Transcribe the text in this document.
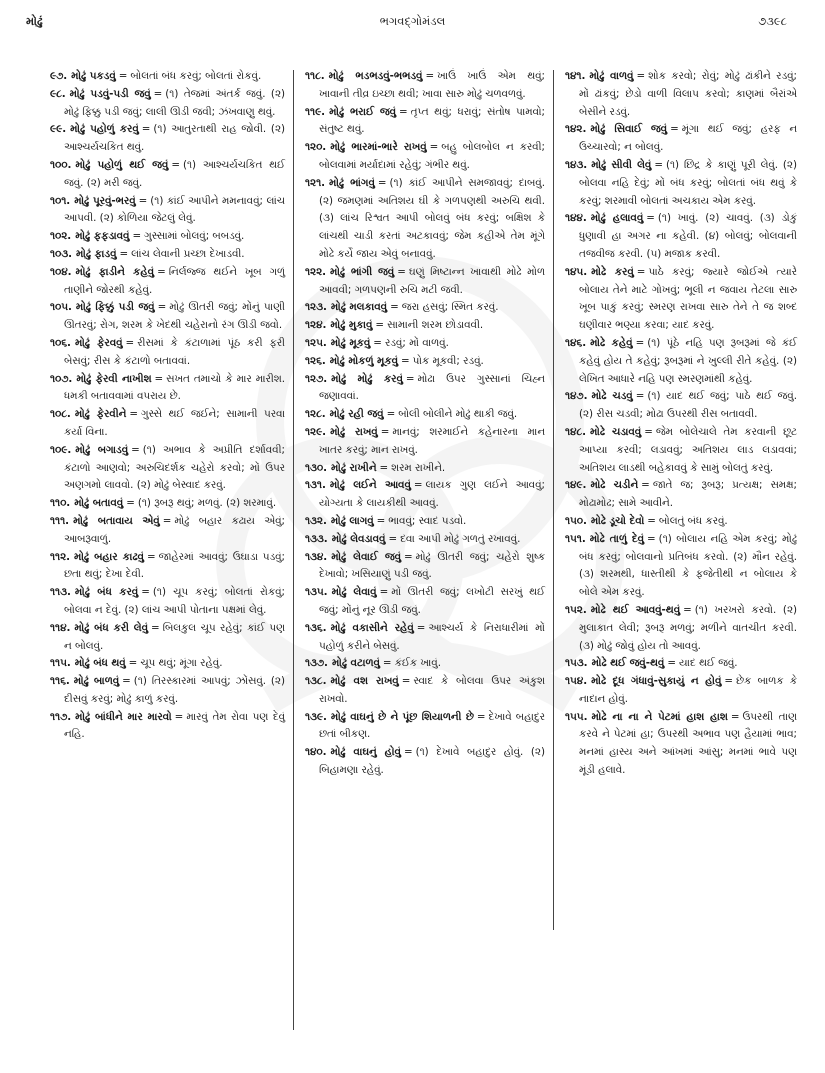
મોઢું	ભગવદ્ગોમંડલ	૭૩૯૮

૯૭. મોઢું પકડવું = બોલતાં બંધ કરવું; બોલતાં રોકવું.

૯૮. મોઢું પડવું-પડી જવું = (૧) તેજમાં અંતર્ક જવું. (૨) મોઢું ફિક્કુ પડી જવું; લાલી ઊડી જવી; ઝંખવાણુ થવું.

૯૯. મોઢું પહોળું કરવું = (૧) આતુરતાથી રાહ જોવી. (૨) આશ્ચર્યચકિત થવું.

૧૦૦. મોઢું પહોળું થઈ જવું = (૧) આશ્ચર્યચકિત થઈ જવું. (૨) મરી જવું.

૧૦૧. મોઢું પૂરવું-ભરવું = (૧) કાંઈ આપીને મમનાવવું; લાંચ આપવી. (૨) કોળિયા જેટલું લેવું.

૧૦૨. મોઢું ફફડાવવું = ગુસ્સામાં બોલવું; બબડવું.

૧૦૩. મોઢું ફાડવું = લાંચ લેવાની પ્રચ્છા દેખાડવી.

૧૦૪. મોઢું ફાડીને કહેવું = નિર્લજ્જ થઈને ખૂબ ગળું તાણીને જોરથી કહેવું.

૧૦૫. મોઢું ફિક્કું પડી જવું = મોઢું ઊતરી જવું; મોંનું પાણી ઊતરવું; રોગ, શરમ કે ખેદથી ચહેરાનો રંગ ઊડી જવો.

૧૦૬. મોઢું ફેરવવું = રીસમાં કે કંટાળામાં પૂંઠ કરી ફરી બેસવું; રીસ કે કંટાળો બતાવવાં.

૧૦૭. મોઢું ફેરવી નાખીશ = સખત તમાચો કે માર મારીશ. ધમકી બતાવવામાં વપરાય છે.

૧૦૮. મોઢું ફેરવીને = ગુસ્સે થઈ જઈને; સામાની પરવા કર્યા વિના.

૧૦૯. મોઢું બગાડવું = (૧) અભાવ કે અપ્રીતિ દર્શાવવી; કંટાળો આણવો; અરુચિદર્શક ચહેરો કરવો; મોં ઉપર અણગમો લાવવો. (૨) મોઢું બેસ્વાદ કરવું.

૧૧૦. મોઢું બતાવવું = (૧) રૂબરૂ થવું; મળવું. (૨) શરમાવું.

૧૧૧. મોઢું બતાવાય એવું = મોઢું બહાર કઢાય એવું; આબરૂવાળું.

૧૧૨. મોઢું બહાર કાઢવું = જાહેરમાં આવવું; ઉઘાડા પડવું; છતા થવું; દેખા દેવી.

૧૧૩. મોઢું બંધ કરવું = (૧) ચૂપ કરવું; બોલતાં રોકવું; બોલવા ન દેવું. (૨) લાંચ આપી પોતાના પક્ષમાં લેવું.

૧૧૪. મોઢું બંધ કરી લેવું = બિલકુલ ચૂપ રહેવું; કાંઈ પણ ન બોલવું.

૧૧૫. મોઢું બંધ થવું = ચૂપ થવું; મૂંગા રહેવું.

૧૧૬. મોઢું બાળવું = (૧) તિરસ્કારમાં આપવું; ઝોંસવું. (૨) દીસવું કરવું; મોઢું કાળું કરવું.

૧૧૭. મોઢું બાંધીને માર મારવો = મારવું તેમ રોવા પણ દેવું નહિ.

૧૧૮. મોઢું ભડભડવું-ભભડવું = ખાઉં ખાઉં એમ થવું; ખાવાની તીવ્ર ઇચ્છા થવી; ખાવા સારુ મોઢું ચળવળવું.

૧૧૯. મોઢું ભરાઈ જવું = તૃપ્ત થવું; ધરાવું; સંતોષ પામવો; સંતુષ્ટ થવું.

૧૨૦. મોઢું ભારમાં-ભારે રાખવું = બહુ બોલબોલ ન કરવી; બોલવામાં મર્યાદામાં રહેવું; ગંભીર થવું.

૧૨૧. મોઢું ભાંગવું = (૧) કાંઈ આપીને સમજાવવું; દાબવું. (૨) જમણમાં અતિશય ઘી કે ગળપણથી અરુચિ થવી. (૩) લાંચ રિશ્વત આપી બોલવું બંધ કરવું; બક્ષિશ કે લાંચથી ચાડી કરતાં અટકાવવું; જેમ કહીએ તેમ મૂંગે મોઢે કર્યે જાય એવું બનાવવું.

૧૨૨. મોઢું ભાંગી જવું = ઘણું મિષ્ટાન્ન ખાવાથી મોઢે મોળ આવવી; ગળપણની રુચિ મટી જવી.

૧૨૩. મોઢું મલકાવવું = જરા હસવું; સ્મિત કરવું.

૧૨૪. મોઢું મુકાવું = સામાની શરમ છોડાવવી.

૧૨૫. મોઢું મૂકવું = રડવું; મોં વાળવું.

૧૨૬. મોઢું મોકળું મૂકવું = પોક મૂકવી; રડવું.

૧૨૭. મોઢું મોઢું કરવું = મોઢા ઉપર ગુસ્સાનાં ચિહ્ન જણાવવાં.

૧૨૮. મોઢું રહી જવું = બોલી બોલીને મોઢું થાકી જવું.

૧૨૯. મોઢું રાખવું = માનવું; શરમાઈને કહેનારના માન ખાતર કરવું; માન રાખવું.

૧૩૦. મોઢું રાખીને = શરમ રાખીને.

૧૩૧. મોઢું લઈને આવવું = લાયક ગુણ લઈને આવવું; યોગ્યતા કે લાયકીથી આવવું.

૧૩૨. મોઢું લાગવું = ભાવવું; સ્વાદ પડવો.

૧૩૩. મોઢું લેવડાવવું = દવા આપી મોઢું ગળતું રખાવવું.

૧૩૪. મોઢું લેવાઈ જવું = મોઢું ઊતરી જવું; ચહેરો શુષ્ક દેખાવો; ખસિયાણું પડી જવું.

૧૩૫. મોઢું લેવાવું = મોં ઊતરી જવું; લખોટી સરખું થઈ જવું; મોંનું નૂર ઊડી જવું.

૧૩૬. મોઢું વકાસીને રહેવું = આશ્ચર્ય કે નિરાધારીમાં મોં પહોળું કરીને બેસવું.

૧૩૭. મોઢું વટાળવું = કંઈક ખાવું.

૧૩૮. મોઢું વશ રાખવું = સ્વાદ કે બોલવા ઉપર અંકુશ રાખવો.

૧૩૯. મોઢું વાઘનું છે ને પૂંછ શિયાળની છે = દેખાવે બહાદુર છતાં બીકણ.

૧૪૦. મોઢું વાઘનું હોવું = (૧) દેખાવે બહાદુર હોવું. (૨) બિહામણા રહેવું.

૧૪૧. મોઢું વાળવું = શોક કરવો; રોવું; મોઢું ઢાંકીને રડવું; મોં ઢાંકવું; છેડો વાળી વિલાપ કરવો; કાણમાં બૈરાંએ બેસીને રડવું.

૧૪૨. મોઢું સિવાઈ જવું = મૂંગા થઈ જવું; હરફ ન ઉચ્ચારવો; ન બોલવું.

૧૪૩. મોઢું સીવી લેવું = (૧) છિદ્ર કે કાણું પૂરી લેવું. (૨) બોલવા નહિ દેવું; મોં બંધ કરવું; બોલતાં બંધ થવું કે કરવું; શરમાવી બોલતાં અચકાય એમ કરવું.

૧૪૪. મોઢું હલાવવું = (૧) ખાવું. (૨) ચાવવું. (૩) ડોકું ધુણાવી હા અગર ના કહેવી. (૪) બોલવું; બોલવાની તજવીજ કરવી. (૫) મજાક કરવી.

૧૪૫. મોઢે કરવું = પાઠે કરવું; જ્યારે જોઈએ ત્યારે બોલાય તેને માટે ગોખવું; ભૂલી ન જવાય તેટલા સારુ ખૂબ પાકું કરવું; સ્મરણ રાખવા સારુ તેને તે જ શબ્દ ઘણીવાર ભણ્યા કરવા; યાદ કરવું.

૧૪૬. મોઢે કહેવું = (૧) પૂંઠે નહિ પણ રૂબરૂમાં જે કંઈ કહેવું હોય તે કહેવું; રૂબરૂમાં ને ખુલ્લી રીતે કહેવું. (૨) લેખિત આધારે નહિ પણ સ્મરણમાંથી કહેવું.

૧૪૭. મોઢે ચડવું = (૧) યાદ થઈ જવું; પાઠે થઈ જવું. (૨) રીસ ચડવી; મોઢા ઉપરથી રીસ બતાવવી.

૧૪૮. મોઢે ચડાવવું = જેમ બોલેચાલે તેમ કરવાની છૂટ આપ્યા કરવી; લડાવવું; અતિશય લાડ લડાવવાં; અતિશય લાડથી બહેકાવવું કે સામું બોલતું કરવું.

૧૪૯. મોઢે ચડીને = જાતે જ; રૂબરૂ; પ્રત્યક્ષ; સમક્ષ; મોઢામોઢ; સામે આવીને.

૧૫૦. મોઢે ડૂચો દેવો = બોલતું બંધ કરવું.

૧૫૧. મોઢે તાળું દેવું = (૧) બોલાય નહિ એમ કરવું; મોઢું બંધ કરવું; બોલવાનો પ્રતિબંધ કરવો. (૨) મૌન રહેવું. (૩) શરમથી, ધાસ્તીથી કે ફજેતીથી ન બોલાય કે બોલે એમ કરવું.

૧૫૨. મોઢે થઈ આવવું-થવું = (૧) ખરખરો કરવો. (૨) મુલાકાત લેવી; રૂબરૂ મળવું; મળીને વાતચીત કરવી. (૩) મોઢું જોવું હોય તો આવવું.

૧૫૩. મોઢે થઈ જવું-થવું = યાદ થઈ જવું.

૧૫૪. મોઢે દૂધ ગંધાવું-સુકાયું ન હોવું = છેક બાળક કે નાદાન હોવું.

૧૫૫. મોઢે ના ના ને પેટમાં હાશ હાશ = ઉપરથી તાણ કરવે ને પેટમાં હા; ઉપરથી અભાવ પણ હૈયામાં ભાવ; મનમાં હાસ્ય અને આંખમાં આંસુ; મનમાં ભાવે પણ મૂંડી હલાવે.
